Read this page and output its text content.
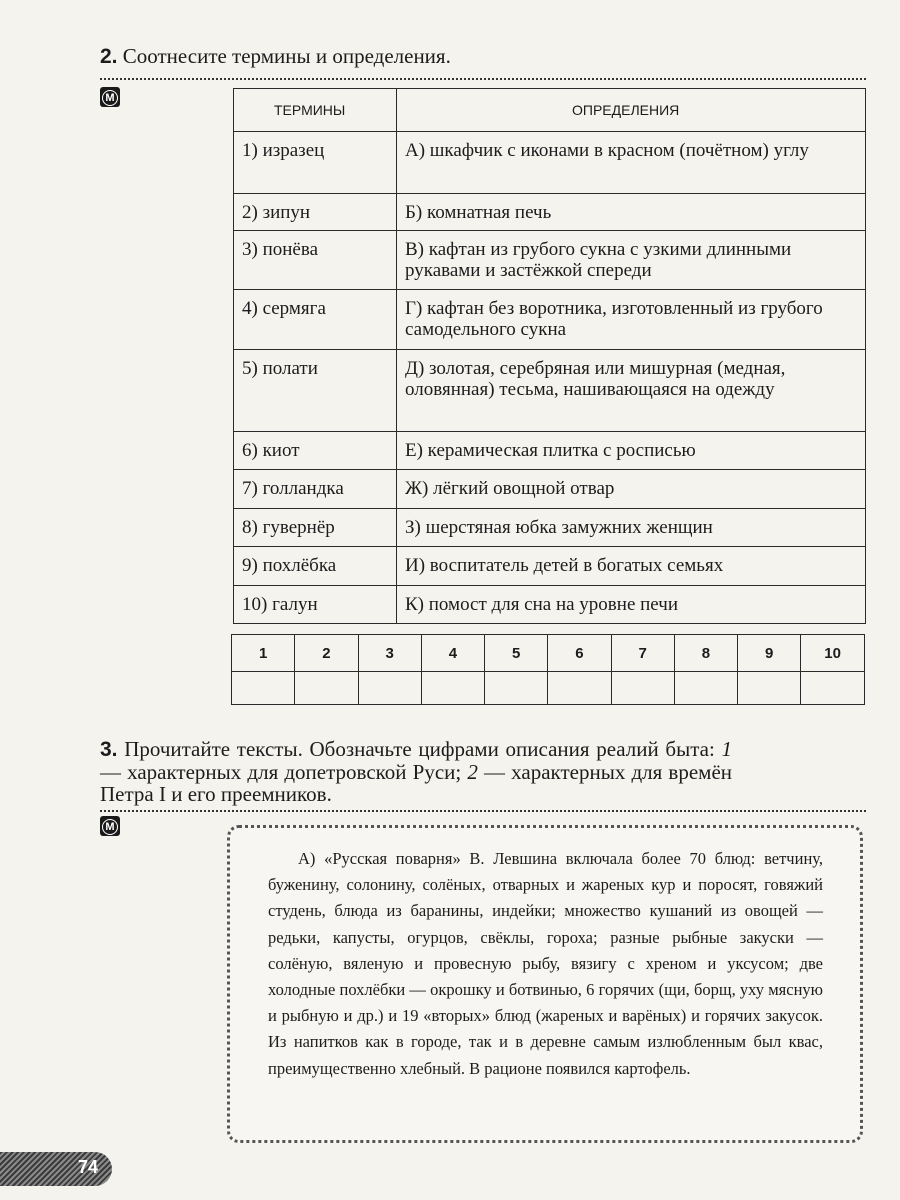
2. Соотнесите термины и определения.
М
ТЕРМИНЫ	ОПРЕДЕЛЕНИЯ
1) изразец	А) шкафчик с иконами в красном (почётном) углу
2) зипун	Б) комнатная печь
3) понёва	В) кафтан из грубого сукна с узкими длинными рукавами и застёжкой спереди
4) сермяга	Г) кафтан без воротника, изготовленный из грубого самодельного сукна
5) полати	Д) золотая, серебряная или мишурная (медная, оловянная) тесьма, нашивающаяся на одежду
6) киот	Е) керамическая плитка с росписью
7) голландка	Ж) лёгкий овощной отвар
8) гувернёр	З) шерстяная юбка замужних женщин
9) похлёбка	И) воспитатель детей в богатых семьях
10) галун	К) помост для сна на уровне печи
1	2	3	4	5	6	7	8	9	10

3. Прочитайте тексты. Обозначьте цифрами описания реалий быта: 1 — характерных для допетровской Руси; 2 — характерных для времён Петра I и его преемников.
М
А) «Русская поварня» В. Левшина включала более 70 блюд: ветчину, буженину, солонину, солёных, отварных и жареных кур и поросят, говяжий студень, блюда из баранины, индейки; множество кушаний из овощей — редьки, капусты, огурцов, свёклы, гороха; разные рыбные закуски — солёную, вяленую и провесную рыбу, вязигу с хреном и уксусом; две холодные похлёбки — окрошку и ботвинью, 6 горячих (щи, борщ, уху мясную и рыбную и др.) и 19 «вторых» блюд (жареных и варёных) и горячих закусок. Из напитков как в городе, так и в деревне самым излюбленным был квас, преимущественно хлебный. В рационе появился картофель.
74
